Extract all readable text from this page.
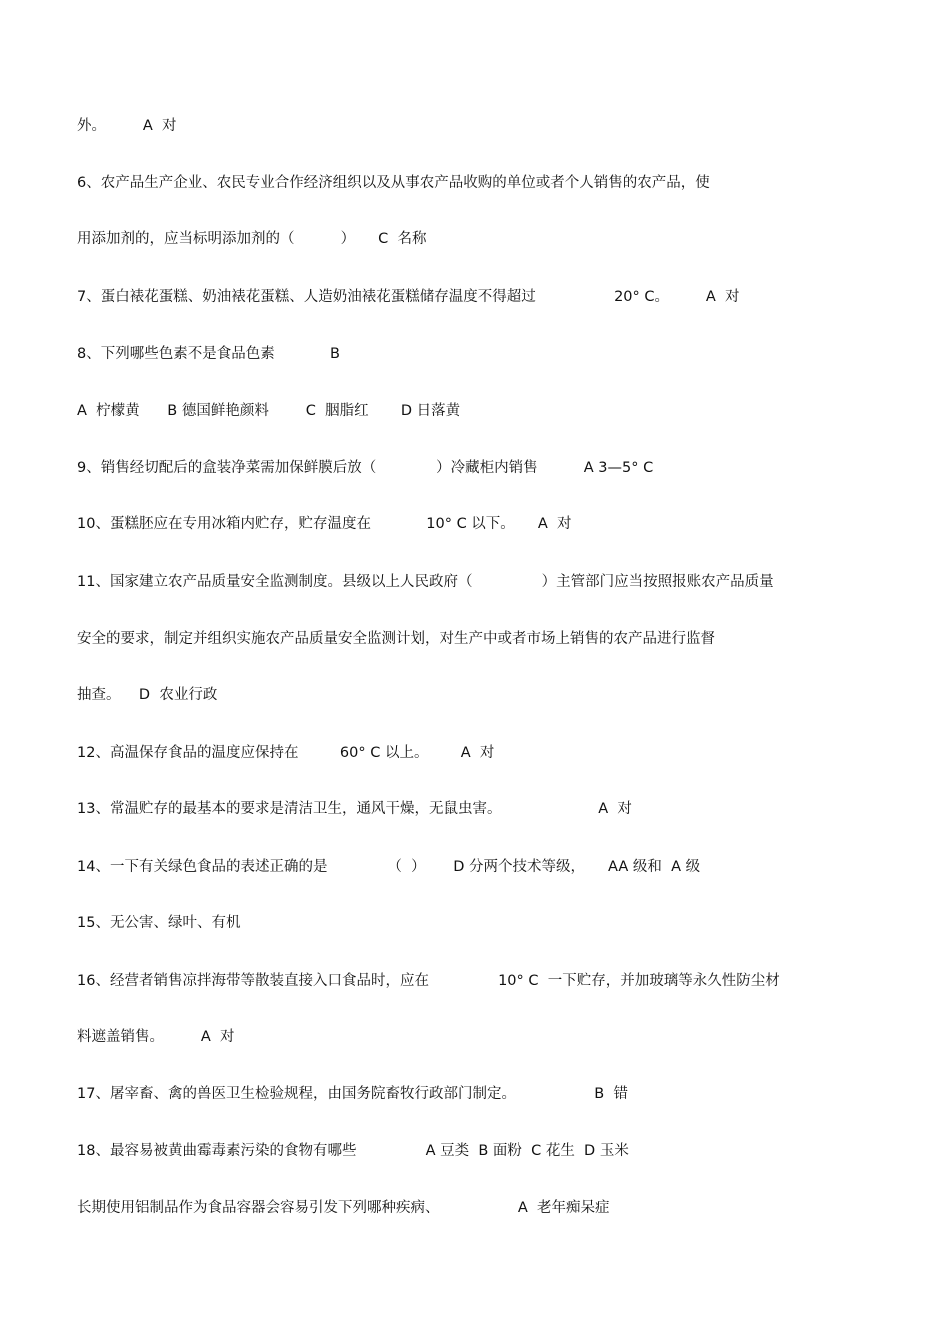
外。        A  对
6、农产品生产企业、农民专业合作经济组织以及从事农产品收购的单位或者个人销售的农产品，使
用添加剂的，应当标明添加剂的（          ）     C  名称
7、蛋白裱花蛋糕、奶油裱花蛋糕、人造奶油裱花蛋糕储存温度不得超过                 20° C。        A  对
8、下列哪些色素不是食品色素            B
A  柠檬黄      B 德国鲜艳颜料        C  胭脂红       D 日落黄
9、销售经切配后的盒装净菜需加保鲜膜后放（             ）冷藏柜内销售          A 3—5° C
10、蛋糕胚应在专用冰箱内贮存，贮存温度在            10° C 以下。     A  对
11、国家建立农产品质量安全监测制度。县级以上人民政府（               ）主管部门应当按照报账农产品质量
安全的要求，制定并组织实施农产品质量安全监测计划，对生产中或者市场上销售的农产品进行监督
抽查。    D  农业行政
12、高温保存食品的温度应保持在         60° C 以上。       A  对
13、常温贮存的最基本的要求是清洁卫生，通风干燥，无鼠虫害。                     A  对
14、一下有关绿色食品的表述正确的是             （  ）      D 分两个技术等级，     AA 级和  A 级
15、无公害、绿叶、有机
16、经营者销售凉拌海带等散装直接入口食品时，应在               10° C  一下贮存，并加玻璃等永久性防尘材
料遮盖销售。        A  对
17、屠宰畜、禽的兽医卫生检验规程，由国务院畜牧行政部门制定。                 B  错
18、最容易被黄曲霉毒素污染的食物有哪些               A 豆类  B 面粉  C 花生  D 玉米
长期使用铝制品作为食品容器会容易引发下列哪种疾病、                 A  老年痴呆症
